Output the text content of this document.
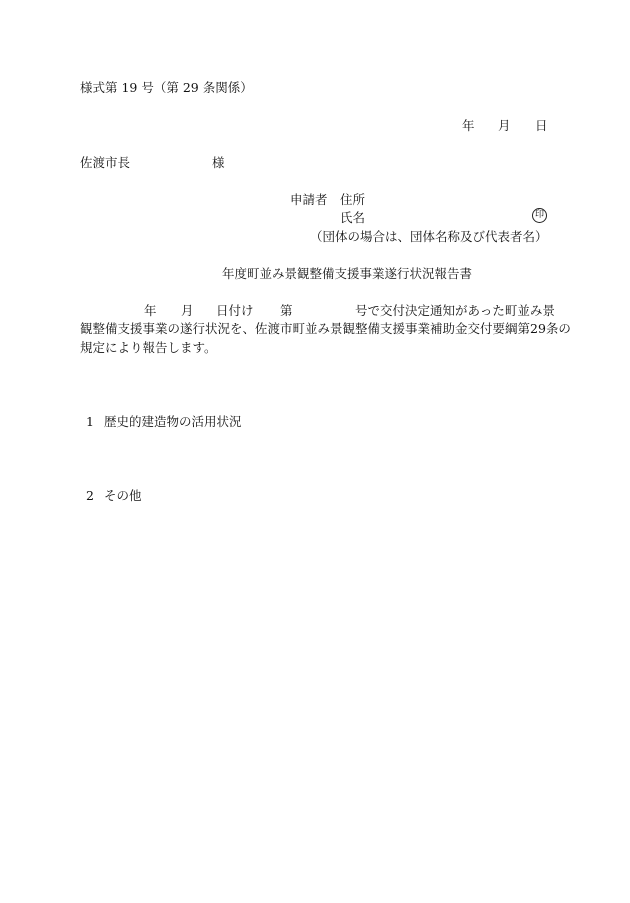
様式第 19 号（第 29 条関係）
年 月 日
佐渡市長	様
申請者 住所
氏名	印
（団体の場合は、団体名称及び代表者名）
年度町並み景観整備支援事業遂行状況報告書
年 月 日付け 第	号で交付決定通知があった町並み景
観整備支援事業の遂行状況を、佐渡市町並み景観整備支援事業補助金交付要綱第29条の
規定により報告します。
1 歴史的建造物の活用状況
2 その他
